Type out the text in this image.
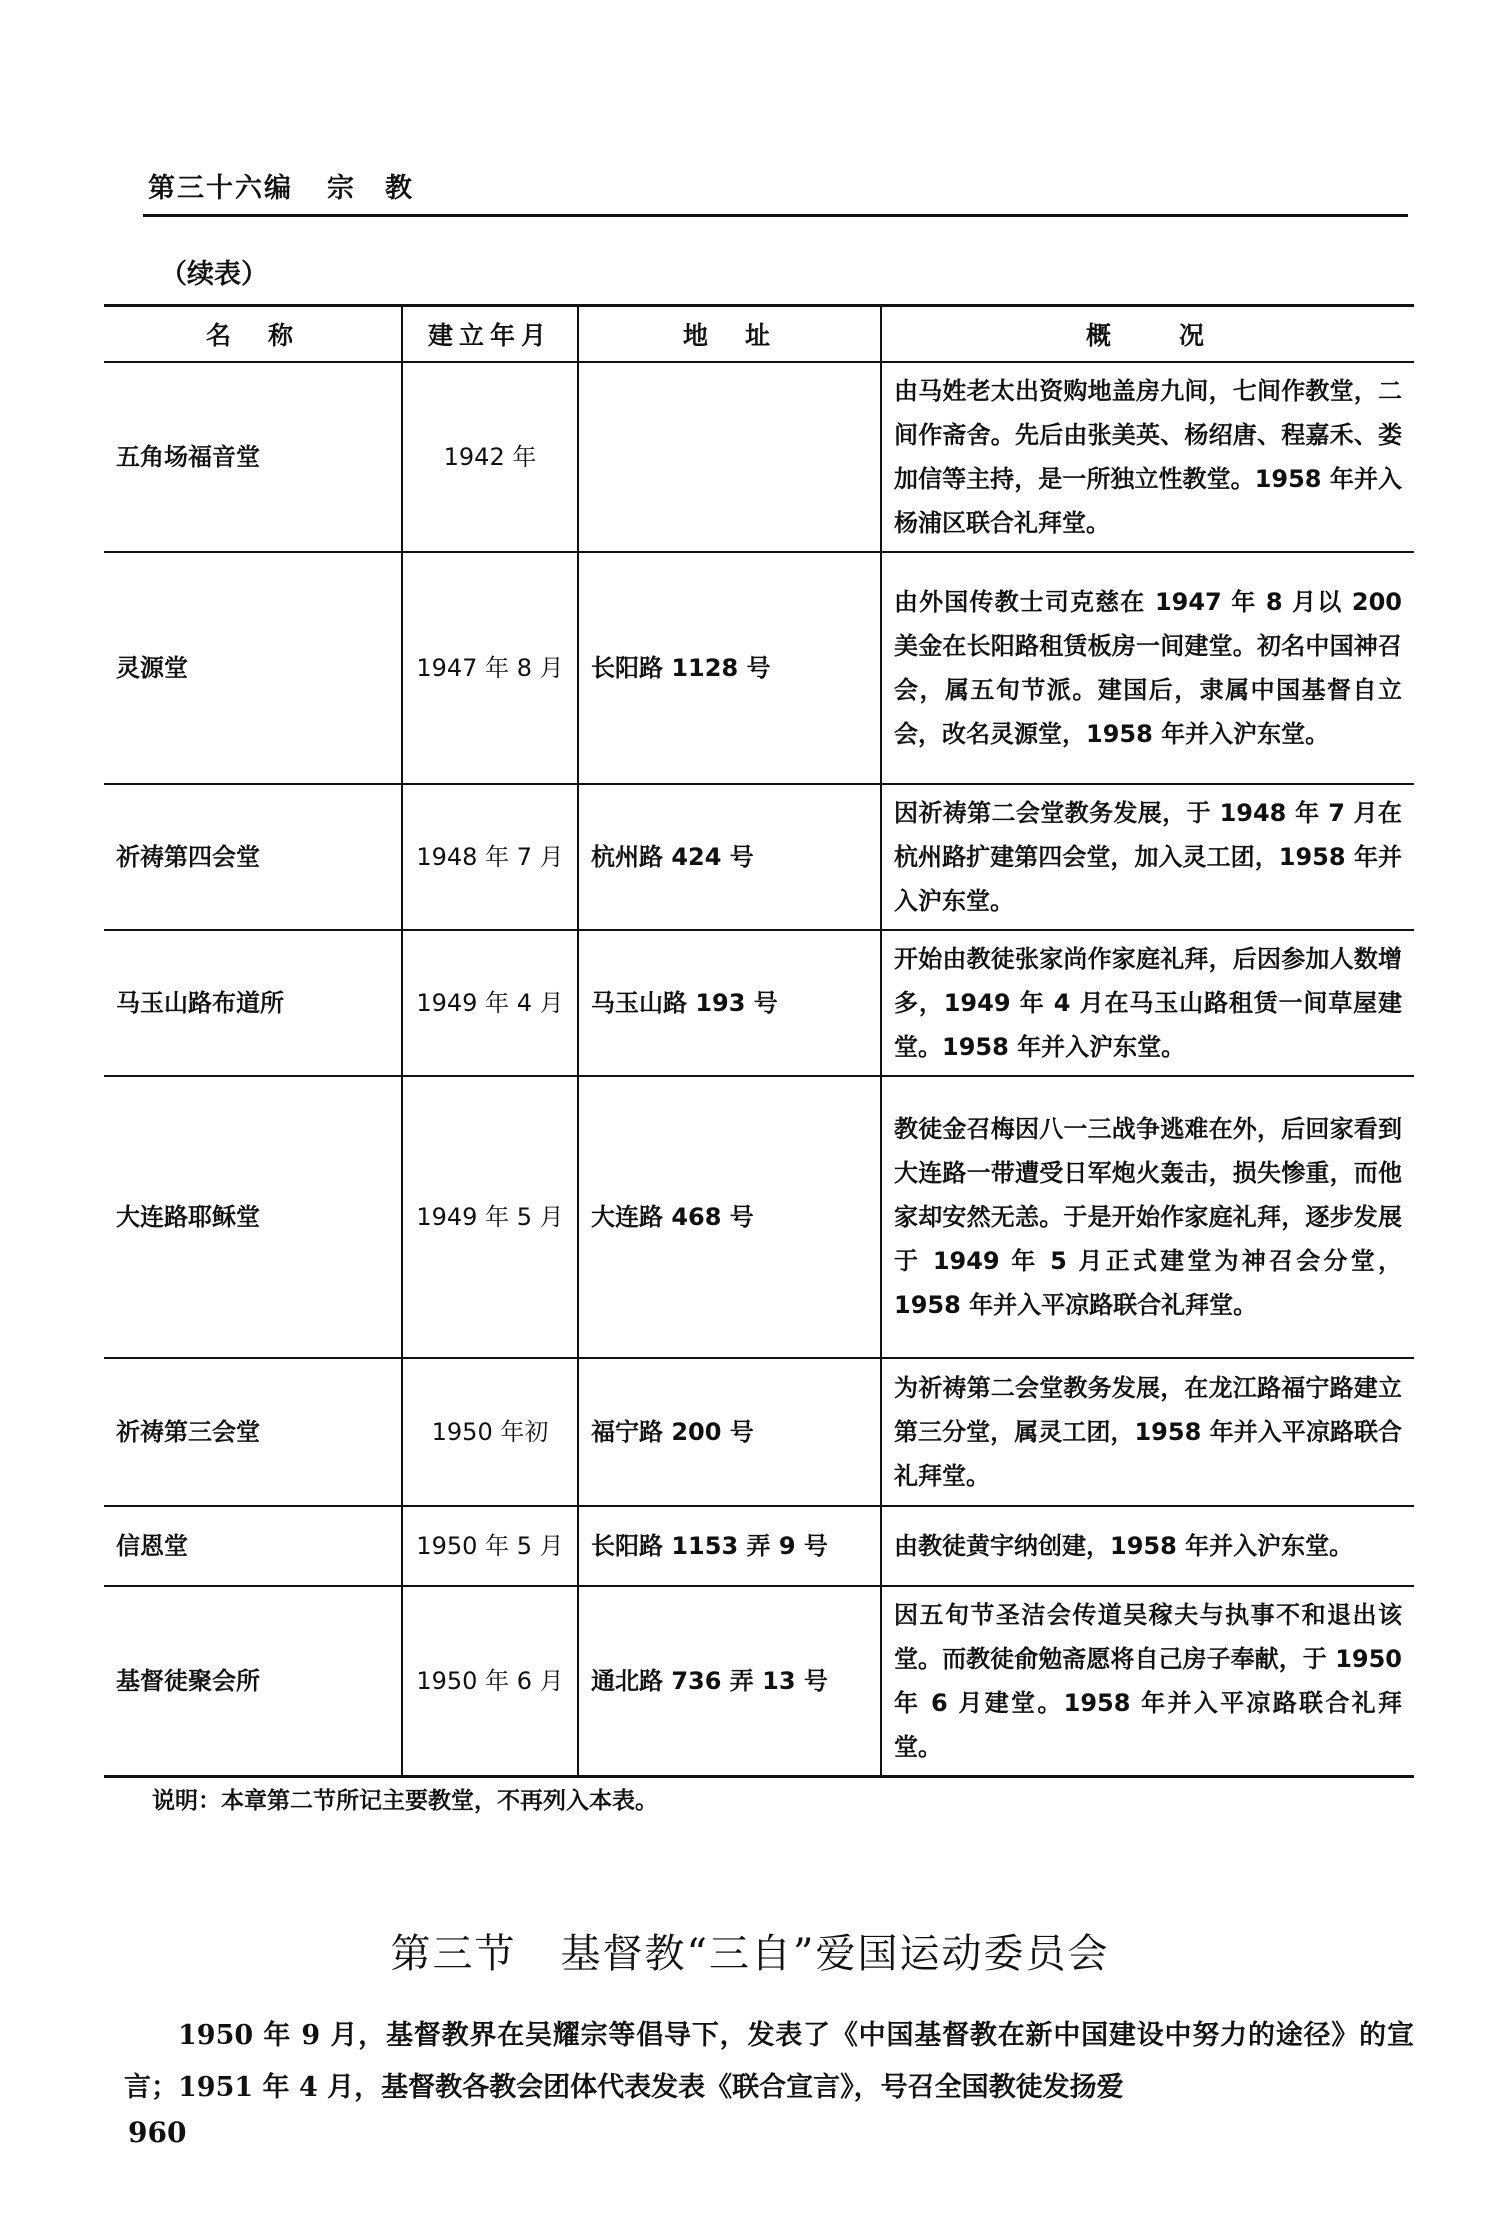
第三十六编 宗　教
（续表）
名　称	建立年月	地　址	概　　况
五角场福音堂	1942 年		由马姓老太出资购地盖房九间，七间作教堂，二间作斋舍。先后由张美英、杨绍唐、程嘉禾、娄加信等主持，是一所独立性教堂。1958 年并入杨浦区联合礼拜堂。
灵源堂	1947 年 8 月	长阳路 1128 号	由外国传教士司克慈在 1947 年 8 月以 200 美金在长阳路租赁板房一间建堂。初名中国神召会，属五旬节派。建国后，隶属中国基督自立会，改名灵源堂，1958 年并入沪东堂。
祈祷第四会堂	1948 年 7 月	杭州路 424 号	因祈祷第二会堂教务发展，于 1948 年 7 月在杭州路扩建第四会堂，加入灵工团，1958 年并入沪东堂。
马玉山路布道所	1949 年 4 月	马玉山路 193 号	开始由教徒张家尚作家庭礼拜，后因参加人数增多，1949 年 4 月在马玉山路租赁一间草屋建堂。1958 年并入沪东堂。
大连路耶稣堂	1949 年 5 月	大连路 468 号	教徒金召梅因八一三战争逃难在外，后回家看到大连路一带遭受日军炮火轰击，损失惨重，而他家却安然无恙。于是开始作家庭礼拜，逐步发展于 1949 年 5 月正式建堂为神召会分堂，1958 年并入平凉路联合礼拜堂。
祈祷第三会堂	1950 年初	福宁路 200 号	为祈祷第二会堂教务发展，在龙江路福宁路建立第三分堂，属灵工团，1958 年并入平凉路联合礼拜堂。
信恩堂	1950 年 5 月	长阳路 1153 弄 9 号	由教徒黄宇纳创建，1958 年并入沪东堂。
基督徒聚会所	1950 年 6 月	通北路 736 弄 13 号	因五旬节圣洁会传道吴稼夫与执事不和退出该堂。而教徒俞勉斋愿将自己房子奉献，于 1950 年 6 月建堂。1958 年并入平凉路联合礼拜堂。
说明：本章第二节所记主要教堂，不再列入本表。
第三节 基督教“三自”爱国运动委员会

1950 年 9 月，基督教界在吴耀宗等倡导下，发表了《中国基督教在新中国建设中努力的途径》的宣言；1951 年 4 月，基督教各教会团体代表发表《联合宣言》，号召全国教徒发扬爱

960
